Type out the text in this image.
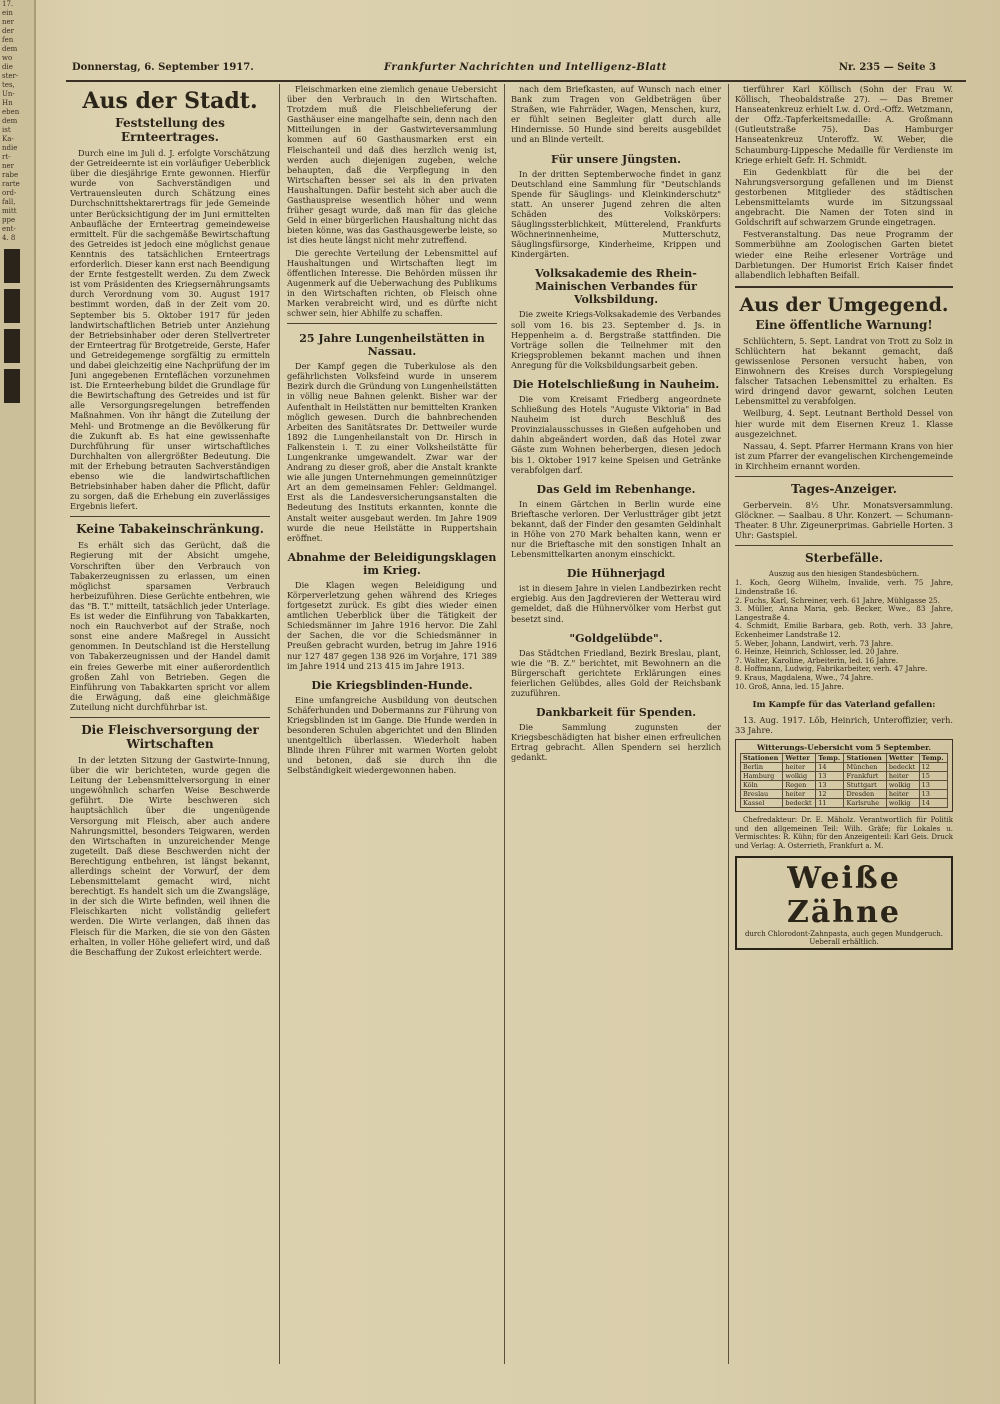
17.
ein
ner
der
fen
dem
wo
die
ster-
tes,
Un-
Hn
eben
dem
ist
Ka-
ndie
rt-
ner
rabe
rarte
ord-
fall,
mitt
ppe
ent-
4. 8
Donnerstag, 6. September 1917.	Frankfurter Nachrichten und Intelligenz-Blatt	Nr. 235 — Seite 3
Aus der Stadt.
Feststellung des Ernteertrages.

Durch eine im Juli d. J. erfolgte Vorschätzung der Getreideernte ist ein vorläufiger Ueberblick über die diesjährige Ernte gewonnen. Hierfür wurde von Sachverständigen und Vertrauensleuten durch Schätzung eines Durchschnittshektarertrags für jede Gemeinde unter Berücksichtigung der im Juni ermittelten Anbaufläche der Ernteertrag gemeindeweise ermittelt. Für die sachgemäße Bewirtschaftung des Getreides ist jedoch eine möglichst genaue Kenntnis des tatsächlichen Ernteertrags erforderlich. Dieser kann erst nach Beendigung der Ernte festgestellt werden. Zu dem Zweck ist vom Präsidenten des Kriegsernährungsamts durch Verordnung vom 30. August 1917 bestimmt worden, daß in der Zeit vom 20. September bis 5. Oktober 1917 für jeden landwirtschaftlichen Betrieb unter Anziehung der Betriebsinhaber oder deren Stellvertreter der Ernteertrag für Brotgetreide, Gerste, Hafer und Getreidegemenge sorgfältig zu ermitteln und dabei gleichzeitig eine Nachprüfung der im Juni angegebenen Ernteflächen vorzunehmen ist. Die Ernteerhebung bildet die Grundlage für die Bewirtschaftung des Getreides und ist für alle Versorgungsregelungen betreffenden Maßnahmen. Von ihr hängt die Zuteilung der Mehl- und Brotmenge an die Bevölkerung für die Zukunft ab. Es hat eine gewissenhafte Durchführung für unser wirtschaftliches Durchhalten von allergrößter Bedeutung. Die mit der Erhebung betrauten Sachverständigen ebenso wie die landwirtschaftlichen Betriebsinhaber haben daher die Pflicht, dafür zu sorgen, daß die Erhebung ein zuverlässiges Ergebnis liefert.

Keine Tabakeinschränkung.

Es erhält sich das Gerücht, daß die Regierung mit der Absicht umgehe, Vorschriften über den Verbrauch von Tabakerzeugnissen zu erlassen, um einen möglichst sparsamen Verbrauch herbeizuführen. Diese Gerüchte entbehren, wie das "B. T." mitteilt, tatsächlich jeder Unterlage. Es ist weder die Einführung von Tabakkarten, noch ein Rauchverbot auf der Straße, noch sonst eine andere Maßregel in Aussicht genommen. In Deutschland ist die Herstellung von Tabakerzeugnissen und der Handel damit ein freies Gewerbe mit einer außerordentlich großen Zahl von Betrieben. Gegen die Einführung von Tabakkarten spricht vor allem die Erwägung, daß eine gleichmäßige Zuteilung nicht durchführbar ist.

Die Fleischversorgung der Wirtschaften

In der letzten Sitzung der Gastwirte-Innung, über die wir berichteten, wurde gegen die Leitung der Lebensmittelversorgung in einer ungewöhnlich scharfen Weise Beschwerde geführt. Die Wirte beschweren sich hauptsächlich über die ungenügende Versorgung mit Fleisch, aber auch andere Nahrungsmittel, besonders Teigwaren, werden den Wirtschaften in unzureichender Menge zugeteilt. Daß diese Beschwerden nicht der Berechtigung entbehren, ist längst bekannt, allerdings scheint der Vorwurf, der dem Lebensmittelamt gemacht wird, nicht berechtigt. Es handelt sich um die Zwangsläge, in der sich die Wirte befinden, weil ihnen die Fleischkarten nicht vollständig geliefert werden. Die Wirte verlangen, daß ihnen das Fleisch für die Marken, die sie von den Gästen erhalten, in voller Höhe geliefert wird, und daß die Beschaffung der Zukost erleichtert werde.

Fleischmarken eine ziemlich genaue Uebersicht über den Verbrauch in den Wirtschaften. Trotzdem muß die Fleischbelieferung der Gasthäuser eine mangelhafte sein, denn nach den Mitteilungen in der Gastwirteversammlung kommen auf 60 Gasthausmarken erst ein Fleischanteil und daß dies herzlich wenig ist, werden auch diejenigen zugeben, welche behaupten, daß die Verpflegung in den Wirtschaften besser sei als in den privaten Haushaltungen. Dafür besteht sich aber auch die Gasthauspreise wesentlich höher und wenn früher gesagt wurde, daß man für das gleiche Geld in einer bürgerlichen Haushaltung nicht das bieten könne, was das Gasthausgewerbe leiste, so ist dies heute längst nicht mehr zutreffend.

Die gerechte Verteilung der Lebensmittel auf Haushaltungen und Wirtschaften liegt im öffentlichen Interesse. Die Behörden müssen ihr Augenmerk auf die Ueberwachung des Publikums in den Wirtschaften richten, ob Fleisch ohne Marken verabreicht wird, und es dürfte nicht schwer sein, hier Abhilfe zu schaffen.

25 Jahre Lungenheilstätten in Nassau.

Der Kampf gegen die Tuberkulose als den gefährlichsten Volksfeind wurde in unserem Bezirk durch die Gründung von Lungenheilstätten in völlig neue Bahnen gelenkt. Bisher war der Aufenthalt in Heilstätten nur bemittelten Kranken möglich gewesen. Durch die bahnbrechenden Arbeiten des Sanitätsrates Dr. Dettweiler wurde 1892 die Lungenheilanstalt von Dr. Hirsch in Falkenstein i. T. zu einer Volksheilstätte für Lungenkranke umgewandelt. Zwar war der Andrang zu dieser groß, aber die Anstalt krankte wie alle jungen Unternehmungen gemeinnütziger Art an dem gemeinsamen Fehler: Geldmangel. Erst als die Landesversicherungsanstalten die Bedeutung des Instituts erkannten, konnte die Anstalt weiter ausgebaut werden. Im Jahre 1909 wurde die neue Heilstätte in Ruppertshain eröffnet.

Abnahme der Beleidigungsklagen im Krieg.

Die Klagen wegen Beleidigung und Körperverletzung gehen während des Krieges fortgesetzt zurück. Es gibt dies wieder einen amtlichen Ueberblick über die Tätigkeit der Schiedsmänner im Jahre 1916 hervor. Die Zahl der Sachen, die vor die Schiedsmänner in Preußen gebracht wurden, betrug im Jahre 1916 nur 127 487 gegen 138 926 im Vorjahre, 171 389 im Jahre 1914 und 213 415 im Jahre 1913.

Die Kriegsblinden-Hunde.

Eine umfangreiche Ausbildung von deutschen Schäferhunden und Dobermanns zur Führung von Kriegsblinden ist im Gange. Die Hunde werden in besonderen Schulen abgerichtet und den Blinden unentgeltlich überlassen. Wiederholt haben Blinde ihren Führer mit warmen Worten gelobt und betonen, daß sie durch ihn die Selbständigkeit wiedergewonnen haben.

nach dem Briefkasten, auf Wunsch nach einer Bank zum Tragen von Geldbeträgen über Straßen, wie Fahrräder, Wagen, Menschen, kurz, er fühlt seinen Begleiter glatt durch alle Hindernisse. 50 Hunde sind bereits ausgebildet und an Blinde verteilt.

Für unsere Jüngsten.

In der dritten Septemberwoche findet in ganz Deutschland eine Sammlung für "Deutschlands Spende für Säuglings- und Kleinkinderschutz" statt. An unserer Jugend zehren die alten Schäden des Volkskörpers: Säuglingssterblichkeit, Mütterelend, Frankfurts Wöchnerinnenheime, Mutterschutz, Säuglingsfürsorge, Kinderheime, Krippen und Kindergärten.

Volksakademie des Rhein-Mainischen Verbandes für Volksbildung.

Die zweite Kriegs-Volksakademie des Verbandes soll vom 16. bis 23. September d. Js. in Heppenheim a. d. Bergstraße stattfinden. Die Vorträge sollen die Teilnehmer mit den Kriegsproblemen bekannt machen und ihnen Anregung für die Volksbildungsarbeit geben.

Die Hotelschließung in Nauheim.

Die vom Kreisamt Friedberg angeordnete Schließung des Hotels "Auguste Viktoria" in Bad Nauheim ist durch Beschluß des Provinzialausschusses in Gießen aufgehoben und dahin abgeändert worden, daß das Hotel zwar Gäste zum Wohnen beherbergen, diesen jedoch bis 1. Oktober 1917 keine Speisen und Getränke verabfolgen darf.

Das Geld im Rebenhange.

In einem Gärtchen in Berlin wurde eine Brieftasche verloren. Der Verlustträger gibt jetzt bekannt, daß der Finder den gesamten Geldinhalt in Höhe von 270 Mark behalten kann, wenn er nur die Brieftasche mit den sonstigen Inhalt an Lebensmittelkarten anonym einschickt.

Die Hühnerjagd

ist in diesem Jahre in vielen Landbezirken recht ergiebig. Aus den Jagdrevieren der Wetterau wird gemeldet, daß die Hühnervölker vom Herbst gut besetzt sind.

"Goldgelübde".

Das Städtchen Friedland, Bezirk Breslau, plant, wie die "B. Z." berichtet, mit Bewohnern an die Bürgerschaft gerichtete Erklärungen eines feierlichen Gelübdes, alles Gold der Reichsbank zuzuführen.

Dankbarkeit für Spenden.

Die Sammlung zugunsten der Kriegsbeschädigten hat bisher einen erfreulichen Ertrag gebracht. Allen Spendern sei herzlich gedankt.

tierführer Karl Köllisch (Sohn der Frau W. Köllisch, Theobaldstraße 27). — Das Bremer Hanseatenkreuz erhielt Lw. d. Ord.-Offz. Wetzmann, der Offz.-Tapferkeitsmedaille: A. Großmann (Gutleutstraße 75). Das Hamburger Hanseatenkreuz Unteroffz. W. Weber, die Schaumburg-Lippesche Medaille für Verdienste im Kriege erhielt Gefr. H. Schmidt.

Ein Gedenkblatt für die bei der Nahrungsversorgung gefallenen und im Dienst gestorbenen Mitglieder des städtischen Lebensmittelamts wurde im Sitzungssaal angebracht. Die Namen der Toten sind in Goldschrift auf schwarzem Grunde eingetragen.

Festveranstaltung. Das neue Programm der Sommerbühne am Zoologischen Garten bietet wieder eine Reihe erlesener Vorträge und Darbietungen. Der Humorist Erich Kaiser findet allabendlich lebhaften Beifall.

Aus der Umgegend.
Eine öffentliche Warnung!

Schlüchtern, 5. Sept. Landrat von Trott zu Solz in Schlüchtern hat bekannt gemacht, daß gewissenlose Personen versucht haben, von Einwohnern des Kreises durch Vorspiegelung falscher Tatsachen Lebensmittel zu erhalten. Es wird dringend davor gewarnt, solchen Leuten Lebensmittel zu verabfolgen.

Weilburg, 4. Sept. Leutnant Berthold Dessel von hier wurde mit dem Eisernen Kreuz 1. Klasse ausgezeichnet.

Nassau, 4. Sept. Pfarrer Hermann Krans von hier ist zum Pfarrer der evangelischen Kirchengemeinde in Kirchheim ernannt worden.

Tages-Anzeiger.

Gerbervein. 8½ Uhr. Monatsversammlung. Glöckner. — Saalbau. 8 Uhr. Konzert. — Schumann-Theater. 8 Uhr. Zigeunerprimas. Gabrielle Horten. 3 Uhr: Gastspiel.

Sterbefälle.
Auszug aus den hiesigen Standesbüchern.
1. Koch, Georg Wilhelm, Invalide, verh. 75 Jahre, Lindenstraße 16.
2. Fuchs, Karl, Schreiner, verh. 61 Jahre, Mühlgasse 25.
3. Müller, Anna Maria, geb. Becker, Wwe., 83 Jahre, Langestraße 4.
4. Schmidt, Emilie Barbara, geb. Roth, verh. 33 Jahre, Eckenheimer Landstraße 12.
5. Weber, Johann, Landwirt, verh. 73 Jahre.
6. Heinze, Heinrich, Schlosser, led. 20 Jahre.
7. Walter, Karoline, Arbeiterin, led. 16 Jahre.
8. Hoffmann, Ludwig, Fabrikarbeiter, verh. 47 Jahre.
9. Kraus, Magdalena, Wwe., 74 Jahre.
10. Groß, Anna, led. 15 Jahre.
Im Kampfe für das Vaterland gefallen:

13. Aug. 1917. Löb, Heinrich, Unteroffizier, verh. 33 Jahre.

Witterungs-Uebersicht vom 5 September.
Stationen	Wetter	Temp.	Stationen	Wetter	Temp.
Berlin	heiter	14	München	bedeckt	12
Hamburg	wolkig	13	Frankfurt	heiter	15
Köln	Regen	13	Stuttgart	wolkig	13
Breslau	heiter	12	Dresden	heiter	13
Kassel	bedeckt	11	Karlsruhe	wolkig	14

Chefredakteur: Dr. E. Mäholz. Verantwortlich für Politik und den allgemeinen Teil: Wilh. Gräfe; für Lokales u. Vermischtes: R. Kühn; für den Anzeigenteil: Karl Geis. Druck und Verlag: A. Osterrieth, Frankfurt a. M.

Weiße Zähne
durch Chlorodont-Zahnpasta, auch gegen Mundgeruch. Ueberall erhältlich.
